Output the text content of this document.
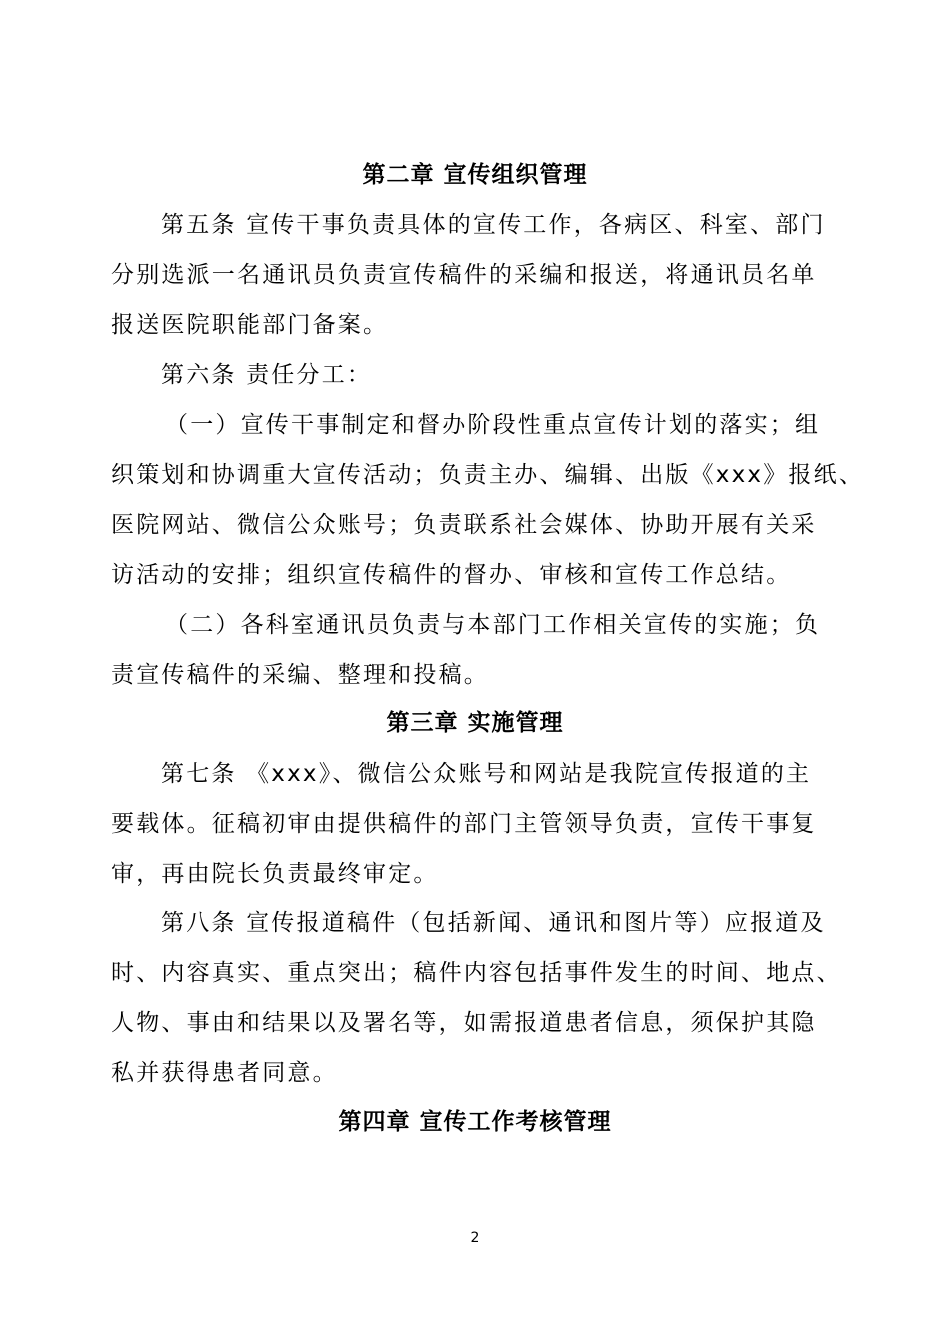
第二章 宣传组织管理
第五条 宣传干事负责具体的宣传工作，各病区、科室、部门
分别选派一名通讯员负责宣传稿件的采编和报送，将通讯员名单
报送医院职能部门备案。
第六条 责任分工：
（一）宣传干事制定和督办阶段性重点宣传计划的落实；组
织策划和协调重大宣传活动；负责主办、编辑、出版《xxx》报纸、
医院网站、微信公众账号；负责联系社会媒体、协助开展有关采
访活动的安排；组织宣传稿件的督办、审核和宣传工作总结。
（二）各科室通讯员负责与本部门工作相关宣传的实施；负
责宣传稿件的采编、整理和投稿。
第三章 实施管理
第七条 《xxx》、微信公众账号和网站是我院宣传报道的主
要载体。征稿初审由提供稿件的部门主管领导负责，宣传干事复
审，再由院长负责最终审定。
第八条 宣传报道稿件（包括新闻、通讯和图片等）应报道及
时、内容真实、重点突出；稿件内容包括事件发生的时间、地点、
人物、事由和结果以及署名等，如需报道患者信息，须保护其隐
私并获得患者同意。
第四章 宣传工作考核管理
2
